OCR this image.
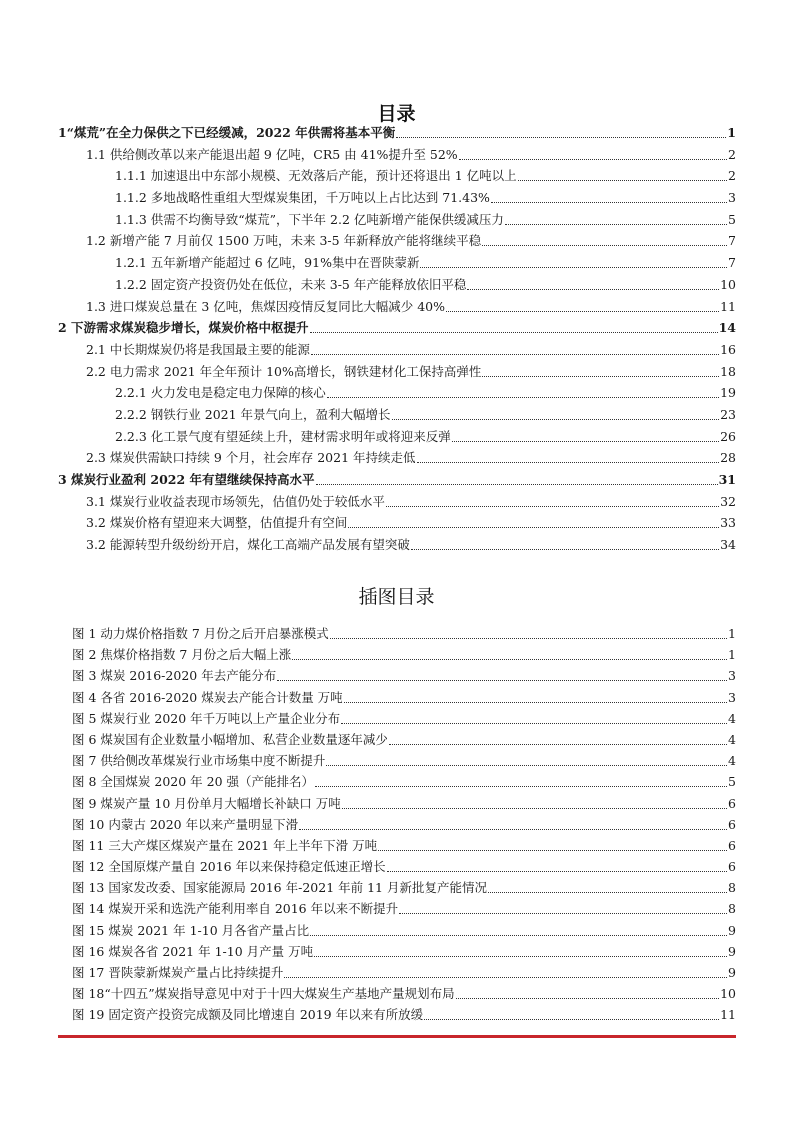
目录
1“煤荒”在全力保供之下已经缓减，2022 年供需将基本平衡	1
1.1 供给侧改革以来产能退出超 9 亿吨，CR5 由 41%提升至 52%	2
1.1.1 加速退出中东部小规模、无效落后产能，预计还将退出 1 亿吨以上	2
1.1.2 多地战略性重组大型煤炭集团，千万吨以上占比达到 71.43%	3
1.1.3 供需不均衡导致“煤荒”，下半年 2.2 亿吨新增产能保供缓减压力	5
1.2 新增产能 7 月前仅 1500 万吨，未来 3-5 年新释放产能将继续平稳	7
1.2.1 五年新增产能超过 6 亿吨，91%集中在晋陕蒙新	7
1.2.2 固定资产投资仍处在低位，未来 3-5 年产能释放依旧平稳	10
1.3 进口煤炭总量在 3 亿吨，焦煤因疫情反复同比大幅减少 40%	11
2 下游需求煤炭稳步增长，煤炭价格中枢提升	14
2.1 中长期煤炭仍将是我国最主要的能源	16
2.2 电力需求 2021 年全年预计 10%高增长，钢铁建材化工保持高弹性	18
2.2.1 火力发电是稳定电力保障的核心	19
2.2.2 钢铁行业 2021 年景气向上，盈利大幅增长	23
2.2.3 化工景气度有望延续上升，建材需求明年或将迎来反弹	26
2.3 煤炭供需缺口持续 9 个月，社会库存 2021 年持续走低	28
3 煤炭行业盈利 2022 年有望继续保持高水平	31
3.1 煤炭行业收益表现市场领先，估值仍处于较低水平	32
3.2 煤炭价格有望迎来大调整，估值提升有空间	33
3.2 能源转型升级纷纷开启，煤化工高端产品发展有望突破	34
插图目录
图 1 动力煤价格指数 7 月份之后开启暴涨模式	1
图 2 焦煤价格指数 7 月份之后大幅上涨	1
图 3 煤炭 2016-2020 年去产能分布	3
图 4 各省 2016-2020 煤炭去产能合计数量 万吨	3
图 5 煤炭行业 2020 年千万吨以上产量企业分布	4
图 6 煤炭国有企业数量小幅增加、私营企业数量逐年减少	4
图 7 供给侧改革煤炭行业市场集中度不断提升	4
图 8 全国煤炭 2020 年 20 强（产能排名）	5
图 9 煤炭产量 10 月份单月大幅增长补缺口 万吨	6
图 10 内蒙古 2020 年以来产量明显下滑	6
图 11 三大产煤区煤炭产量在 2021 年上半年下滑 万吨	6
图 12 全国原煤产量自 2016 年以来保持稳定低速正增长	6
图 13 国家发改委、国家能源局 2016 年-2021 年前 11 月新批复产能情况	8
图 14 煤炭开采和选洗产能利用率自 2016 年以来不断提升	8
图 15 煤炭 2021 年 1-10 月各省产量占比	9
图 16 煤炭各省 2021 年 1-10 月产量 万吨	9
图 17 晋陕蒙新煤炭产量占比持续提升	9
图 18“十四五”煤炭指导意见中对于十四大煤炭生产基地产量规划布局	10
图 19 固定资产投资完成额及同比增速自 2019 年以来有所放缓	11
